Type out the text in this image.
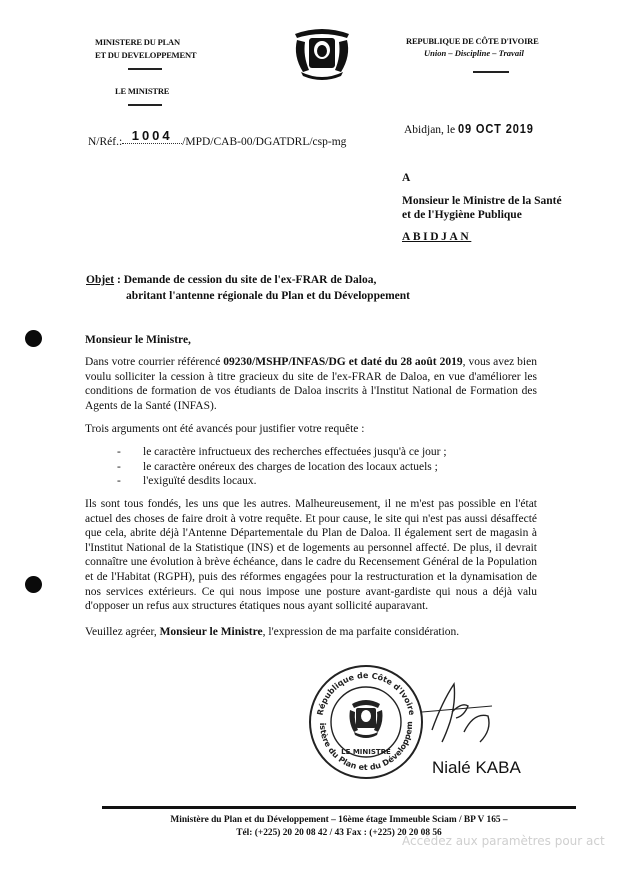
MINISTERE DU PLAN
ET DU DEVELOPPEMENT
LE MINISTRE
REPUBLIQUE DE CÔTE D'IVOIRE
Union – Discipline – Travail
N/Réf.: 1004 /MPD/CAB-00/DGATDRL/csp-mg
Abidjan, le 09 OCT 2019
A
Monsieur le Ministre de la Santé
et de l'Hygiène Publique
ABIDJAN
Objet : Demande de cession du site de l'ex-FRAR de Daloa,
abritant l'antenne régionale du Plan et du Développement
Monsieur le Ministre,
Dans votre courrier référencé 09230/MSHP/INFAS/DG et daté du 28 août 2019, vous avez bien voulu solliciter la cession à titre gracieux du site de l'ex-FRAR de Daloa, en vue d'améliorer les conditions de formation de vos étudiants de Daloa inscrits à l'Institut National de Formation des Agents de la Santé (INFAS).
Trois arguments ont été avancés pour justifier votre requête :
- le caractère infructueux des recherches effectuées jusqu'à ce jour ;
- le caractère onéreux des charges de location des locaux actuels ;
- l'exiguïté desdits locaux.
Ils sont tous fondés, les uns que les autres. Malheureusement, il ne m'est pas possible en l'état actuel des choses de faire droit à votre requête. Et pour cause, le site qui n'est pas aussi désaffecté que cela, abrite déjà l'Antenne Départementale du Plan de Daloa. Il également sert de magasin à l'Institut National de la Statistique (INS) et de logements au personnel affecté. De plus, il devrait connaître une évolution à brève échéance, dans le cadre du Recensement Général de la Population et de l'Habitat (RGPH), puis des réformes engagées pour la restructuration et la dynamisation de nos services extérieurs. Ce qui nous impose une posture avant-gardiste qui nous a déjà valu d'opposer un refus aux structures étatiques nous ayant sollicité auparavant.
Veuillez agréer, Monsieur le Ministre, l'expression de ma parfaite considération.
République de Côte d'Ivoire
istère du Plan et du Développem
LE MINISTRE
Nialé KABA
Ministère du Plan et du Développement – 16ème étage Immeuble Sciam / BP V 165 –
Tél: (+225) 20 20 08 42 / 43 Fax : (+225) 20 20 08 56
Accédez aux paramètres pour act
